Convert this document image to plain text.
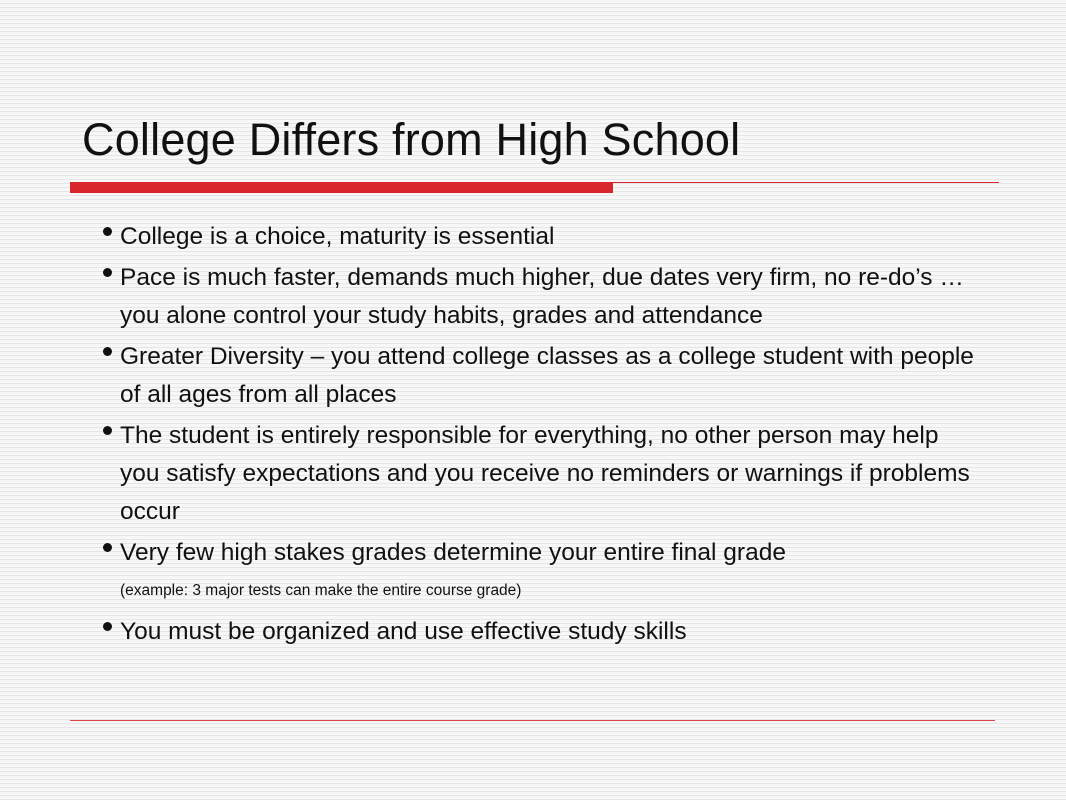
College Differs from High School
College is a choice, maturity is essential
Pace is much faster, demands much higher, due dates very firm, no re-do’s … you alone control your study habits, grades and attendance
Greater Diversity – you attend college classes as a college student with people of all ages from all places
The student is entirely responsible for everything, no other person may help you satisfy expectations and you receive no reminders or warnings if problems occur
Very few high stakes grades determine your entire final grade
(example: 3 major tests can make the entire course grade)
You must be organized and use effective study skills
